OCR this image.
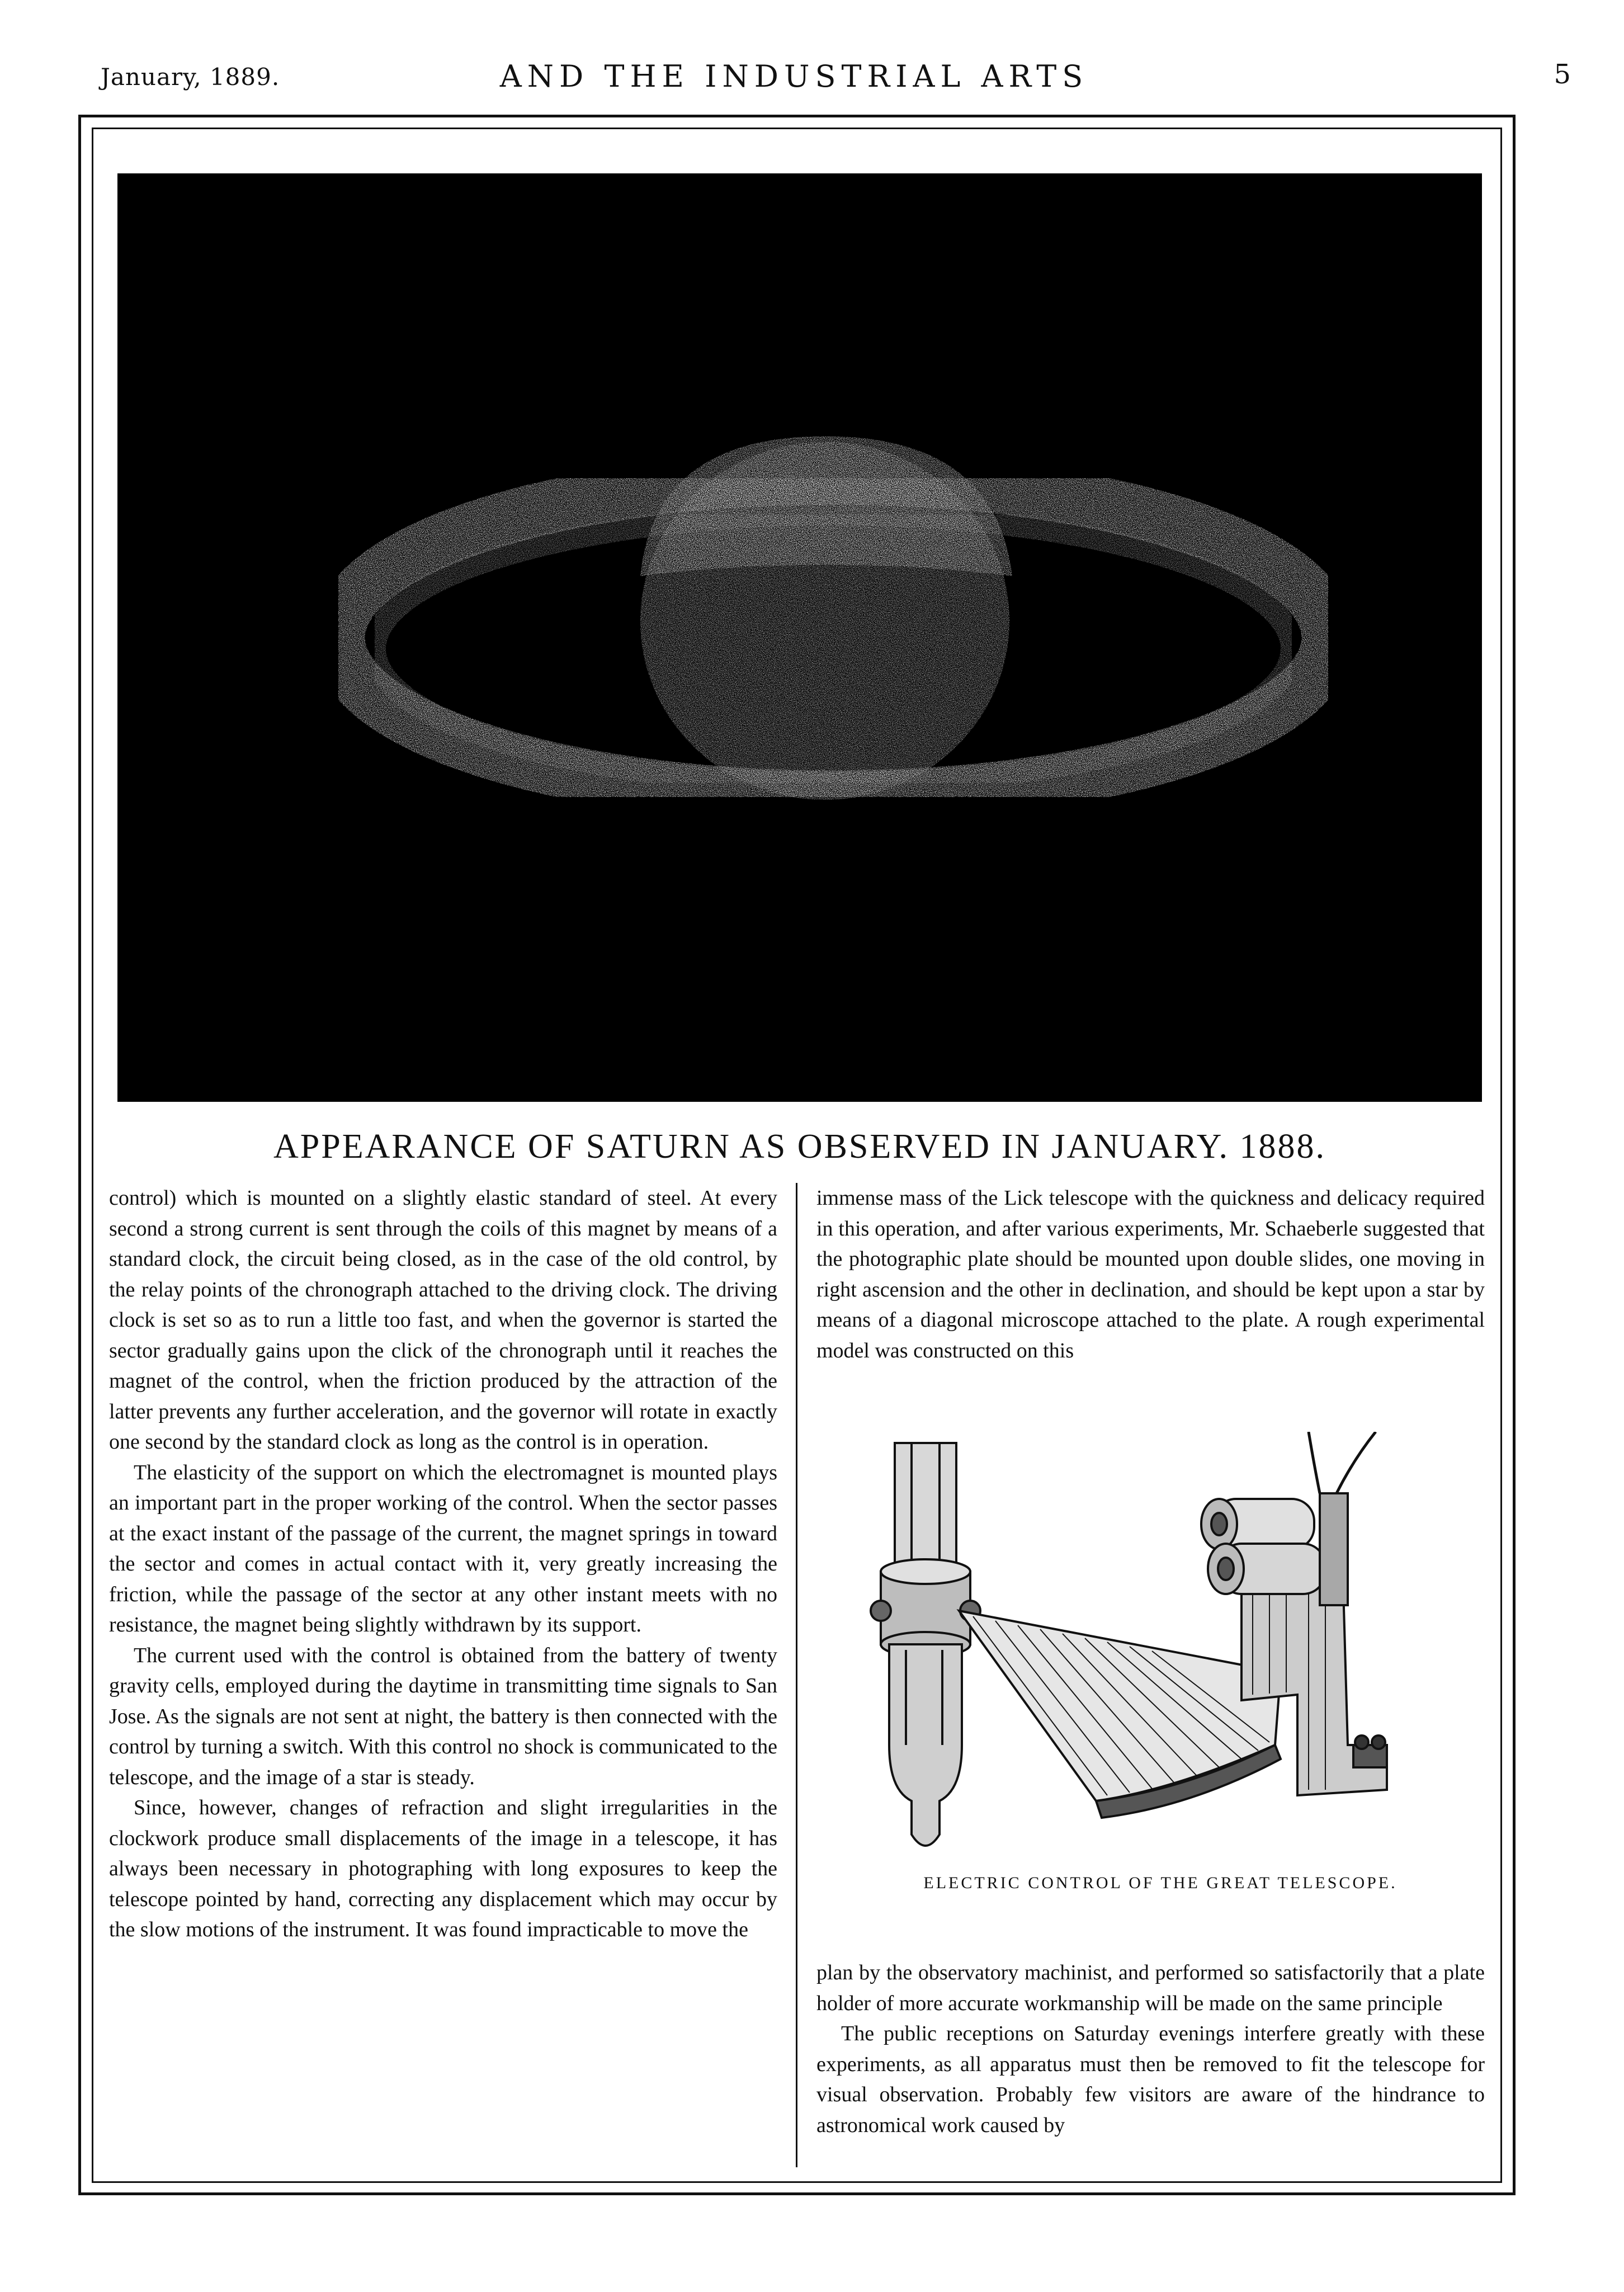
January, 1889.	AND THE INDUSTRIAL ARTS	5
APPEARANCE OF SATURN AS OBSERVED IN JANUARY. 1888.

control) which is mounted on a slightly elastic standard of steel. At every second a strong current is sent through the coils of this magnet by means of a standard clock, the circuit being closed, as in the case of the old control, by the relay points of the chronograph attached to the driving clock. The driving clock is set so as to run a little too fast, and when the governor is started the sector gradually gains upon the click of the chronograph until it reaches the magnet of the control, when the friction produced by the attraction of the latter prevents any further acceleration, and the governor will rotate in exactly one second by the standard clock as long as the control is in operation.

The elasticity of the support on which the electromagnet is mounted plays an important part in the proper working of the control. When the sector passes at the exact instant of the passage of the current, the magnet springs in toward the sector and comes in actual contact with it, very greatly increasing the friction, while the passage of the sector at any other instant meets with no resistance, the magnet being slightly withdrawn by its support.

The current used with the control is obtained from the battery of twenty gravity cells, employed during the daytime in transmitting time signals to San Jose. As the signals are not sent at night, the battery is then connected with the control by turning a switch. With this control no shock is communicated to the telescope, and the image of a star is steady.

Since, however, changes of refraction and slight irregularities in the clockwork produce small displacements of the image in a telescope, it has always been necessary in photographing with long exposures to keep the telescope pointed by hand, correcting any displacement which may occur by the slow motions of the instrument. It was found impracticable to move the

immense mass of the Lick telescope with the quickness and delicacy required in this operation, and after various experiments, Mr. Schaeberle suggested that the photographic plate should be mounted upon double slides, one moving in right ascension and the other in declination, and should be kept upon a star by means of a diagonal microscope attached to the plate. A rough experimental model was constructed on this

ELECTRIC CONTROL OF THE GREAT TELESCOPE.

plan by the observatory machinist, and performed so satisfactorily that a plate holder of more accurate workmanship will be made on the same principle

The public receptions on Saturday evenings interfere greatly with these experiments, as all apparatus must then be removed to fit the telescope for visual observation. Probably few visitors are aware of the hindrance to astronomical work caused by
